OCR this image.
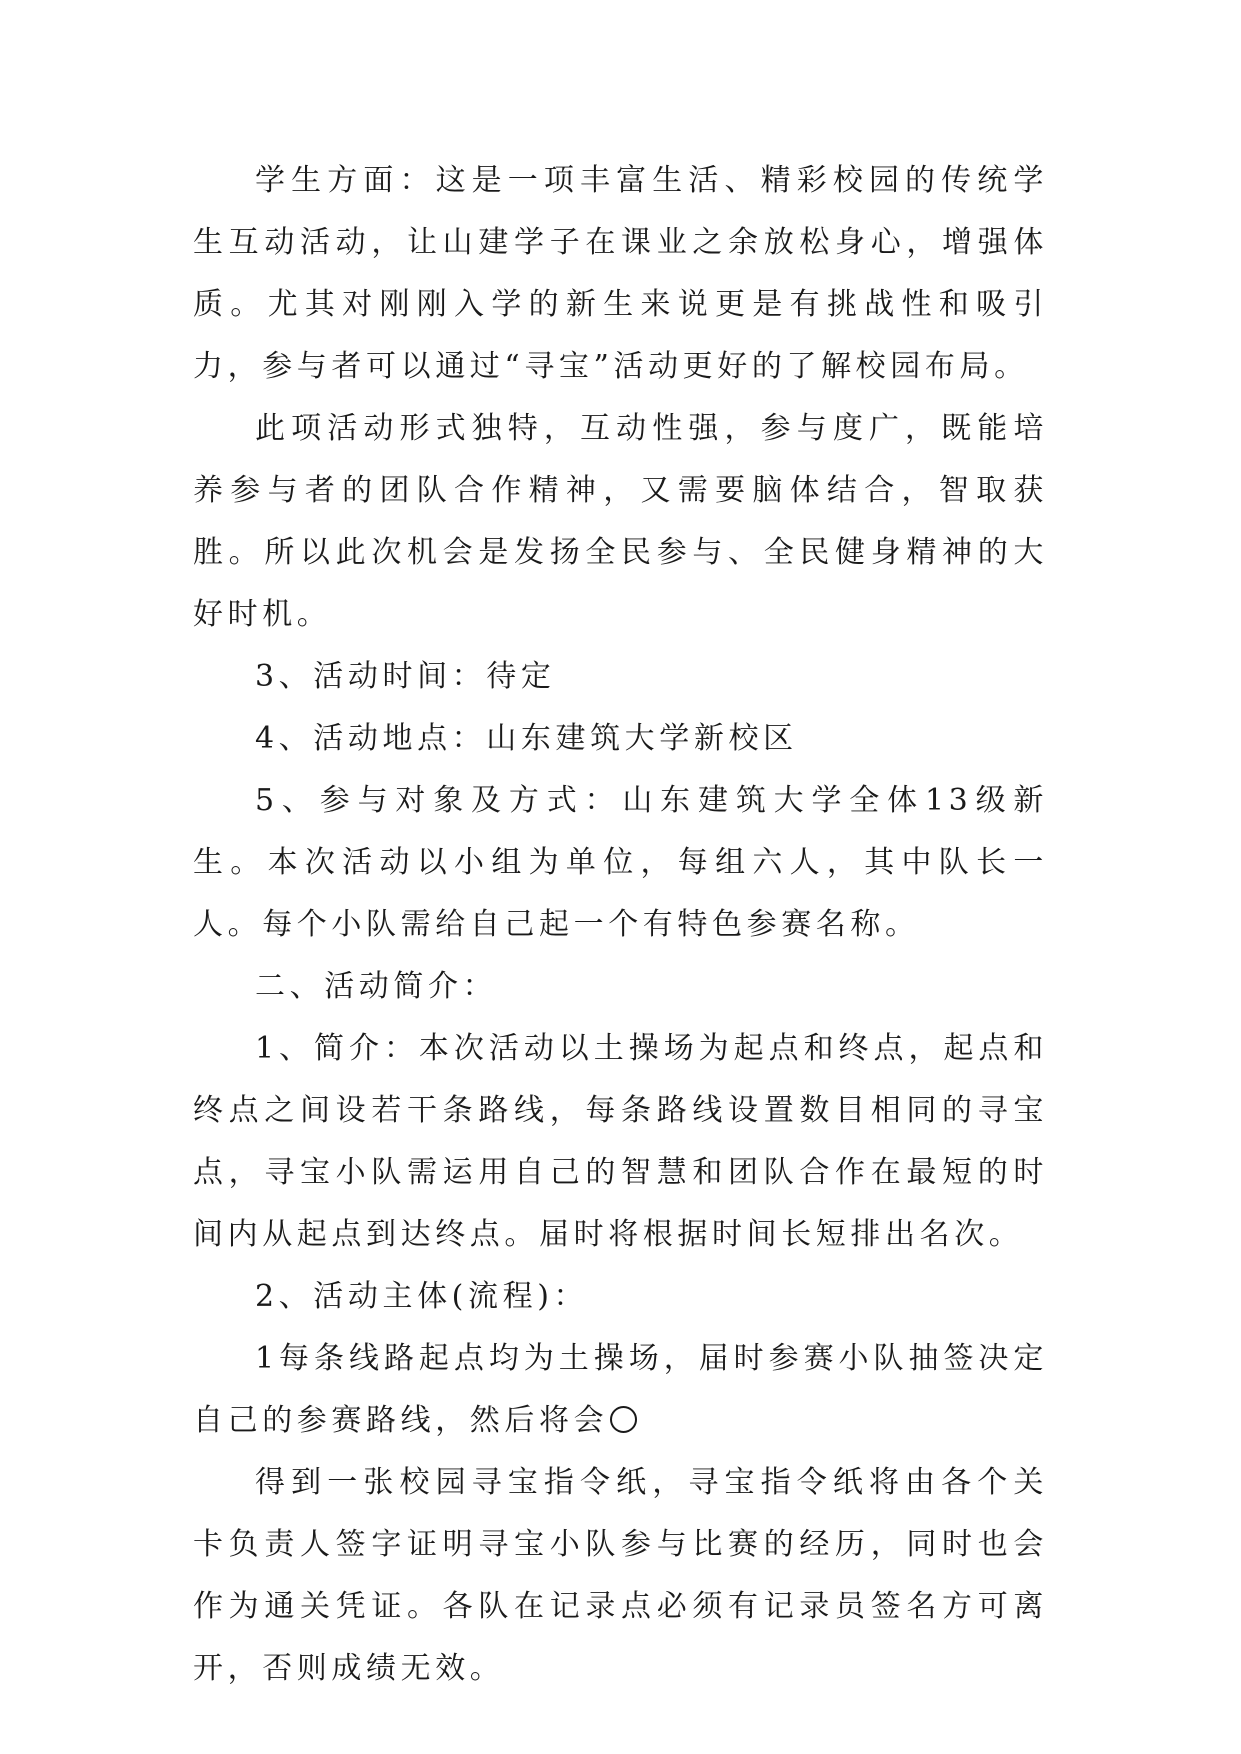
学生方面：这是一项丰富生活、精彩校园的传统学生互动活动，让山建学子在课业之余放松身心，增强体质。尤其对刚刚入学的新生来说更是有挑战性和吸引力，参与者可以通过“寻宝”活动更好的了解校园布局。

此项活动形式独特，互动性强，参与度广，既能培养参与者的团队合作精神，又需要脑体结合，智取获胜。所以此次机会是发扬全民参与、全民健身精神的大好时机。

3、活动时间：待定

4、活动地点：山东建筑大学新校区

5、参与对象及方式：山东建筑大学全体13级新生。本次活动以小组为单位，每组六人，其中队长一人。每个小队需给自己起一个有特色参赛名称。

二、活动简介：

1、简介：本次活动以土操场为起点和终点，起点和终点之间设若干条路线，每条路线设置数目相同的寻宝点，寻宝小队需运用自己的智慧和团队合作在最短的时间内从起点到达终点。届时将根据时间长短排出名次。

2、活动主体(流程)：

1每条线路起点均为土操场，届时参赛小队抽签决定自己的参赛路线，然后将会

得到一张校园寻宝指令纸，寻宝指令纸将由各个关卡负责人签字证明寻宝小队参与比赛的经历，同时也会作为通关凭证。各队在记录点必须有记录员签名方可离开，否则成绩无效。
